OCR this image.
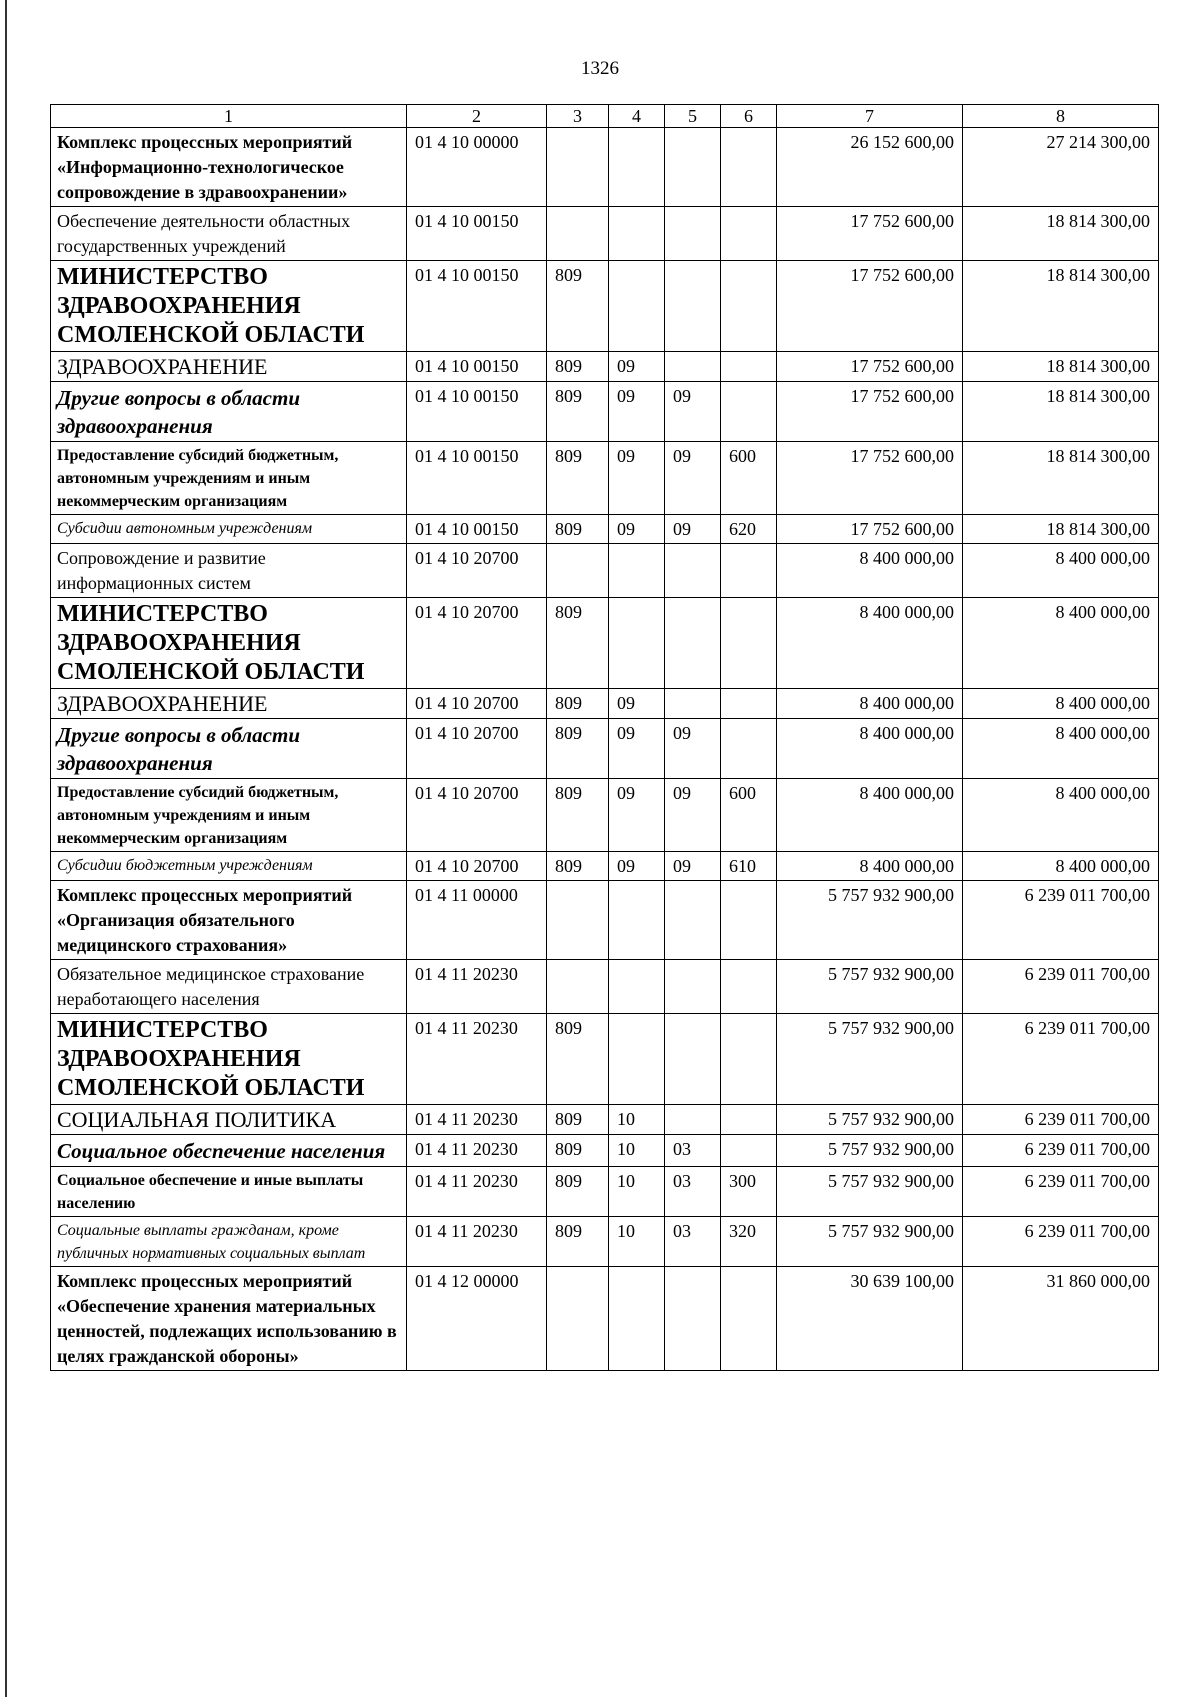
1326
1	2	3	4	5	6	7	8
Комплекс процессных мероприятий «Информационно-технологическое сопровождение в здравоохранении»	01 4 10 00000					26 152 600,00	27 214 300,00
Обеспечение деятельности областных государственных учреждений	01 4 10 00150					17 752 600,00	18 814 300,00
МИНИСТЕРСТВО ЗДРАВООХРАНЕНИЯ СМОЛЕНСКОЙ ОБЛАСТИ	01 4 10 00150	809				17 752 600,00	18 814 300,00
ЗДРАВООХРАНЕНИЕ	01 4 10 00150	809	09			17 752 600,00	18 814 300,00
Другие вопросы в области здравоохранения	01 4 10 00150	809	09	09		17 752 600,00	18 814 300,00
Предоставление субсидий бюджетным, автономным учреждениям и иным некоммерческим организациям	01 4 10 00150	809	09	09	600	17 752 600,00	18 814 300,00
Субсидии автономным учреждениям	01 4 10 00150	809	09	09	620	17 752 600,00	18 814 300,00
Сопровождение и развитие информационных систем	01 4 10 20700					8 400 000,00	8 400 000,00
МИНИСТЕРСТВО ЗДРАВООХРАНЕНИЯ СМОЛЕНСКОЙ ОБЛАСТИ	01 4 10 20700	809				8 400 000,00	8 400 000,00
ЗДРАВООХРАНЕНИЕ	01 4 10 20700	809	09			8 400 000,00	8 400 000,00
Другие вопросы в области здравоохранения	01 4 10 20700	809	09	09		8 400 000,00	8 400 000,00
Предоставление субсидий бюджетным, автономным учреждениям и иным некоммерческим организациям	01 4 10 20700	809	09	09	600	8 400 000,00	8 400 000,00
Субсидии бюджетным учреждениям	01 4 10 20700	809	09	09	610	8 400 000,00	8 400 000,00
Комплекс процессных мероприятий «Организация обязательного медицинского страхования»	01 4 11 00000					5 757 932 900,00	6 239 011 700,00
Обязательное медицинское страхование неработающего населения	01 4 11 20230					5 757 932 900,00	6 239 011 700,00
МИНИСТЕРСТВО ЗДРАВООХРАНЕНИЯ СМОЛЕНСКОЙ ОБЛАСТИ	01 4 11 20230	809				5 757 932 900,00	6 239 011 700,00
СОЦИАЛЬНАЯ ПОЛИТИКА	01 4 11 20230	809	10			5 757 932 900,00	6 239 011 700,00
Социальное обеспечение населения	01 4 11 20230	809	10	03		5 757 932 900,00	6 239 011 700,00
Социальное обеспечение и иные выплаты населению	01 4 11 20230	809	10	03	300	5 757 932 900,00	6 239 011 700,00
Социальные выплаты гражданам, кроме публичных нормативных социальных выплат	01 4 11 20230	809	10	03	320	5 757 932 900,00	6 239 011 700,00
Комплекс процессных мероприятий «Обеспечение хранения материальных ценностей, подлежащих использованию в целях гражданской обороны»	01 4 12 00000					30 639 100,00	31 860 000,00
